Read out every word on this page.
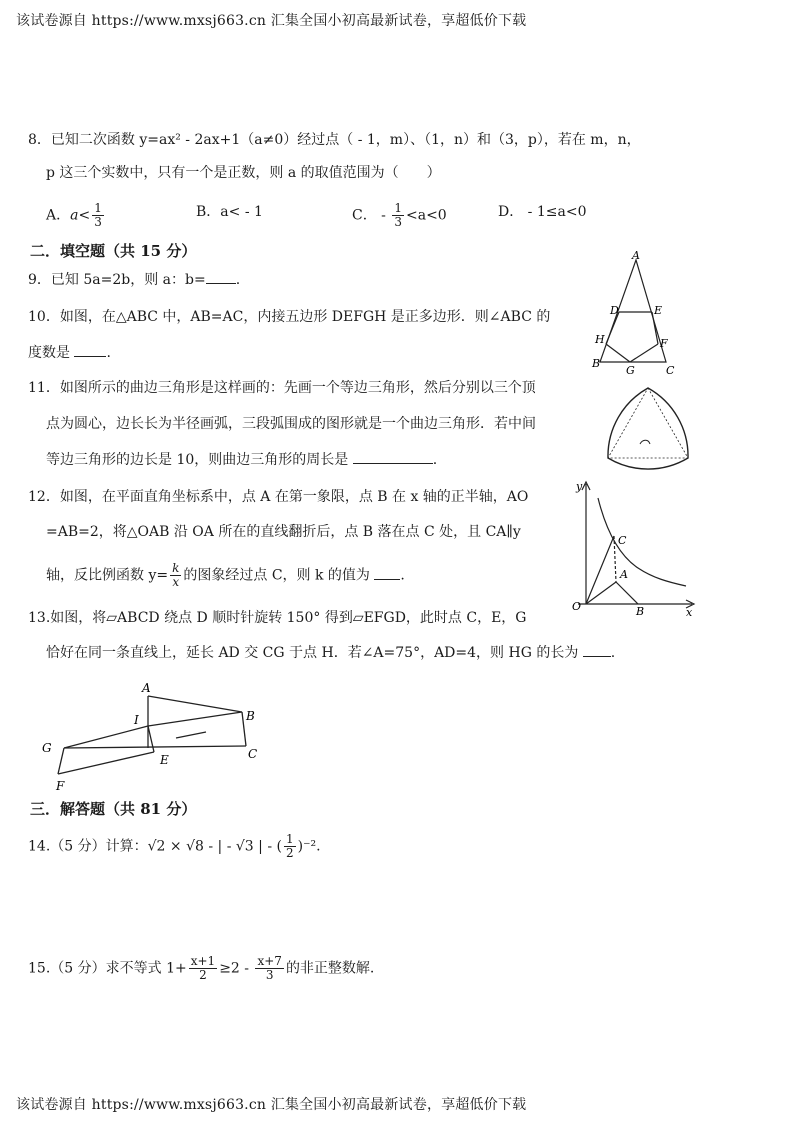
该试卷源自 https://www.mxsj663.cn 汇集全国小初高最新试卷，享超低价下载
8．已知二次函数 y=ax² - 2ax+1（a≠0）经过点（ - 1，m）、（1，n）和（3，p），若在 m，n，
p 这三个实数中，只有一个是正数，则 a 的取值范围为（　　）
A．$a< \frac{1}{3}$	B．a< - 1	C． - $\frac{1}{3} <a<0$	D． - 1≤a<0
二．填空题（共 15 分）
9．已知 5a=2b，则 a：b= .
10．如图，在△ABC 中，AB=AC，内接五边形 DEFGH 是正多边形．则∠ABC 的
度数是	.
A
D	E
H	F
B
G	C
11．如图所示的曲边三角形是这样画的：先画一个等边三角形，然后分别以三个顶
点为圆心，边长长为半径画弧，三段弧围成的图形就是一个曲边三角形．若中间
等边三角形的边长是 10，则曲边三角形的周长是	.
12．如图，在平面直角坐标系中，点 A 在第一象限，点 B 在 x 轴的正半轴，AO
=AB=2，将△OAB 沿 OA 所在的直线翻折后，点 B 落在点 C 处，且 CA∥y
轴，反比例函数 $y= \frac{k}{x}$ 的图象经过点 C，则 k 的值为 .
y
x
O
C
A
B
13.如图，将▱ABCD 绕点 D 顺时针旋转 150° 得到▱EFGD，此时点 C，E，G
恰好在同一条直线上，延长 AD 交 CG 于点 H．若∠A=75°，AD=4，则 HG 的长为 .
A
I	B
G
E	C
F
三．解答题（共 81 分）
14.（5 分）计算：√2 × √8 - | - √3 | - ( $\frac{1}{2} )^{-2}$.
15.（5 分）求不等式 $1+ \frac{x+1}{2} \ge 2 - \frac{x+7}{3}$ 的非正整数解.
该试卷源自 https://www.mxsj663.cn 汇集全国小初高最新试卷，享超低价下载
